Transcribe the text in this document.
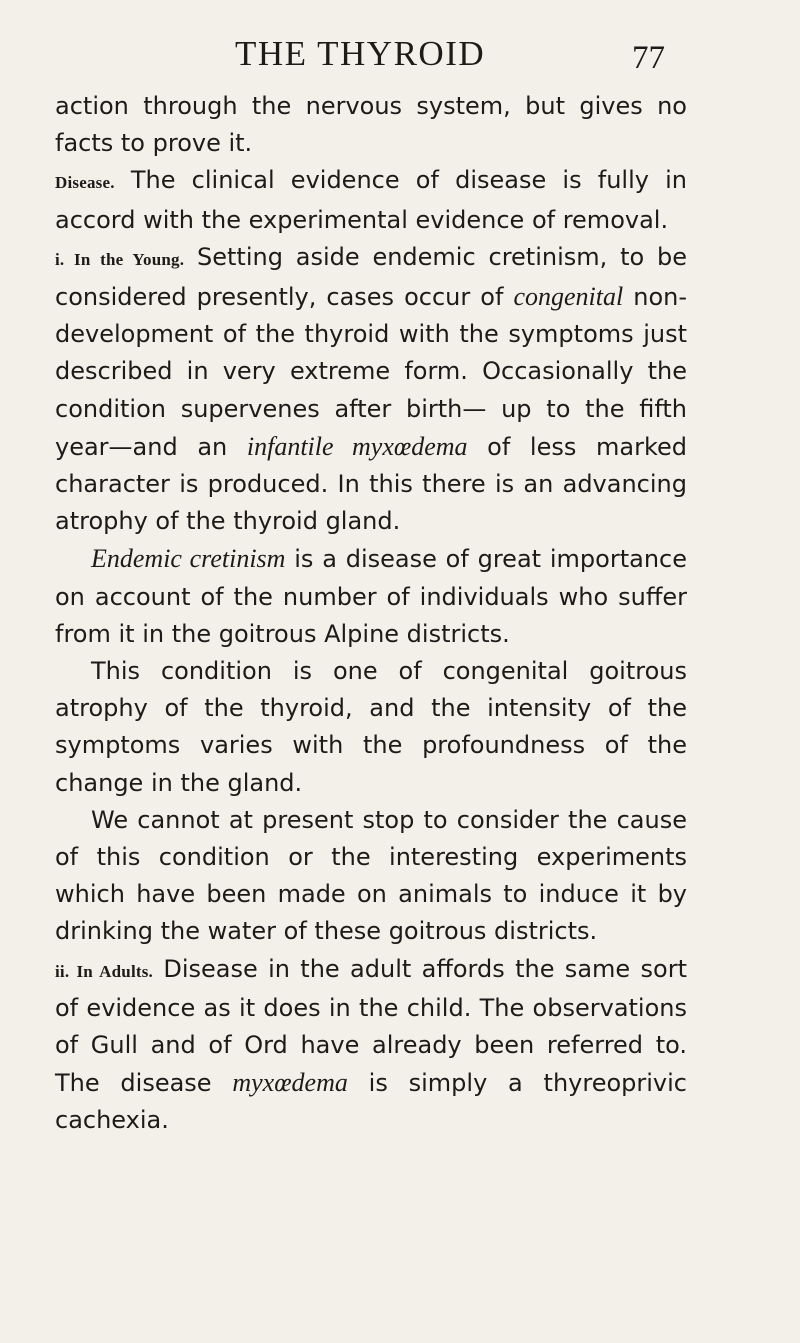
THE THYROID	77

action through the nervous system, but gives no facts to prove it.

Disease. The clinical evidence of disease is fully in accord with the experimental evidence of removal.

i. In the Young. Setting aside endemic cretinism, to be considered presently, cases occur of congenital non-development of the thyroid with the symptoms just described in very extreme form. Occasionally the condition supervenes after birth— up to the fifth year—and an infantile myxœdema of less marked character is produced. In this there is an advancing atrophy of the thyroid gland.

Endemic cretinism is a disease of great importance on account of the number of individuals who suffer from it in the goitrous Alpine districts.

This condition is one of congenital goitrous atrophy of the thyroid, and the intensity of the symptoms varies with the profoundness of the change in the gland.

We cannot at present stop to consider the cause of this condition or the interesting experiments which have been made on animals to induce it by drinking the water of these goitrous districts.

ii. In Adults. Disease in the adult affords the same sort of evidence as it does in the child. The observations of Gull and of Ord have already been referred to. The disease myxœdema is simply a thyreoprivic cachexia.
